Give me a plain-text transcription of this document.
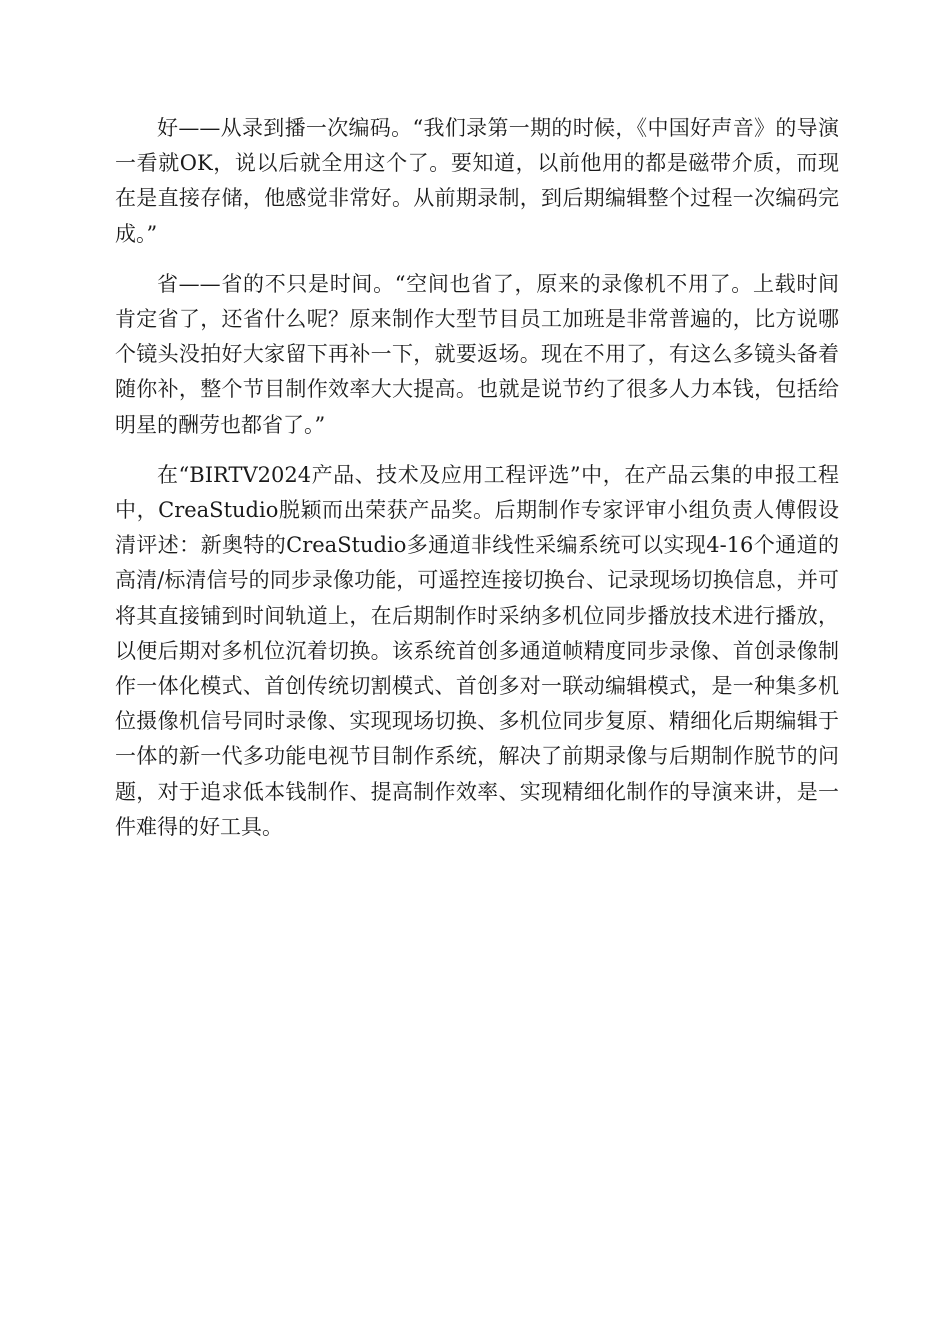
好——从录到播一次编码。“我们录第一期的时候，《中国好声音》的导演一看就OK，说以后就全用这个了。要知道，以前他用的都是磁带介质，而现在是直接存储，他感觉非常好。从前期录制，到后期编辑整个过程一次编码完成。”

省——省的不只是时间。“空间也省了，原来的录像机不用了。上载时间肯定省了，还省什么呢？原来制作大型节目员工加班是非常普遍的，比方说哪个镜头没拍好大家留下再补一下，就要返场。现在不用了，有这么多镜头备着随你补，整个节目制作效率大大提高。也就是说节约了很多人力本钱，包括给明星的酬劳也都省了。”

在“BIRTV2024产品、技术及应用工程评选”中，在产品云集的申报工程中，CreaStudio脱颖而出荣获产品奖。后期制作专家评审小组负责人傅假设清评述：新奥特的CreaStudio多通道非线性采编系统可以实现4-16个通道的高清/标清信号的同步录像功能，可遥控连接切换台、记录现场切换信息，并可将其直接铺到时间轨道上，在后期制作时采纳多机位同步播放技术进行播放，以便后期对多机位沉着切换。该系统首创多通道帧精度同步录像、首创录像制作一体化模式、首创传统切割模式、首创多对一联动编辑模式，是一种集多机位摄像机信号同时录像、实现现场切换、多机位同步复原、精细化后期编辑于一体的新一代多功能电视节目制作系统，解决了前期录像与后期制作脱节的问题，对于追求低本钱制作、提高制作效率、实现精细化制作的导演来讲，是一件难得的好工具。
